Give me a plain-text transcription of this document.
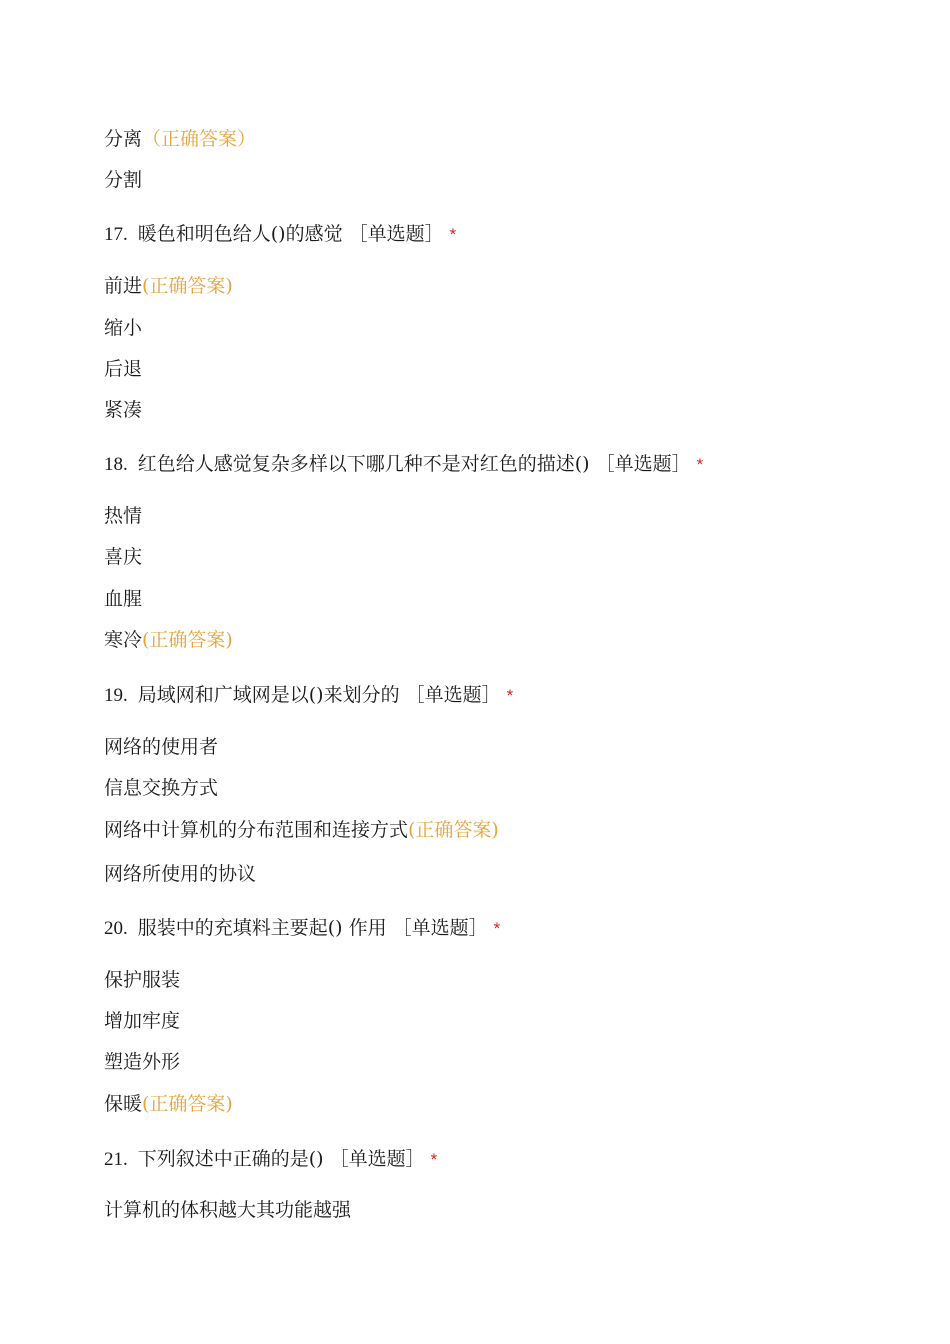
分离（正确答案）
分割
17. 暖色和明色给人()的感觉 ［单选题］ *
前进(正确答案)
缩小
后退
紧凑
18. 红色给人感觉复杂多样以下哪几种不是对红色的描述() ［单选题］ *
热情
喜庆
血腥
寒冷(正确答案)
19. 局域网和广域网是以()来划分的 ［单选题］ *
网络的使用者
信息交换方式
网络中计算机的分布范围和连接方式(正确答案)
网络所使用的协议
20. 服装中的充填料主要起() 作用 ［单选题］ *
保护服装
增加牢度
塑造外形
保暖(正确答案)
21. 下列叙述中正确的是() ［单选题］ *
计算机的体积越大其功能越强
